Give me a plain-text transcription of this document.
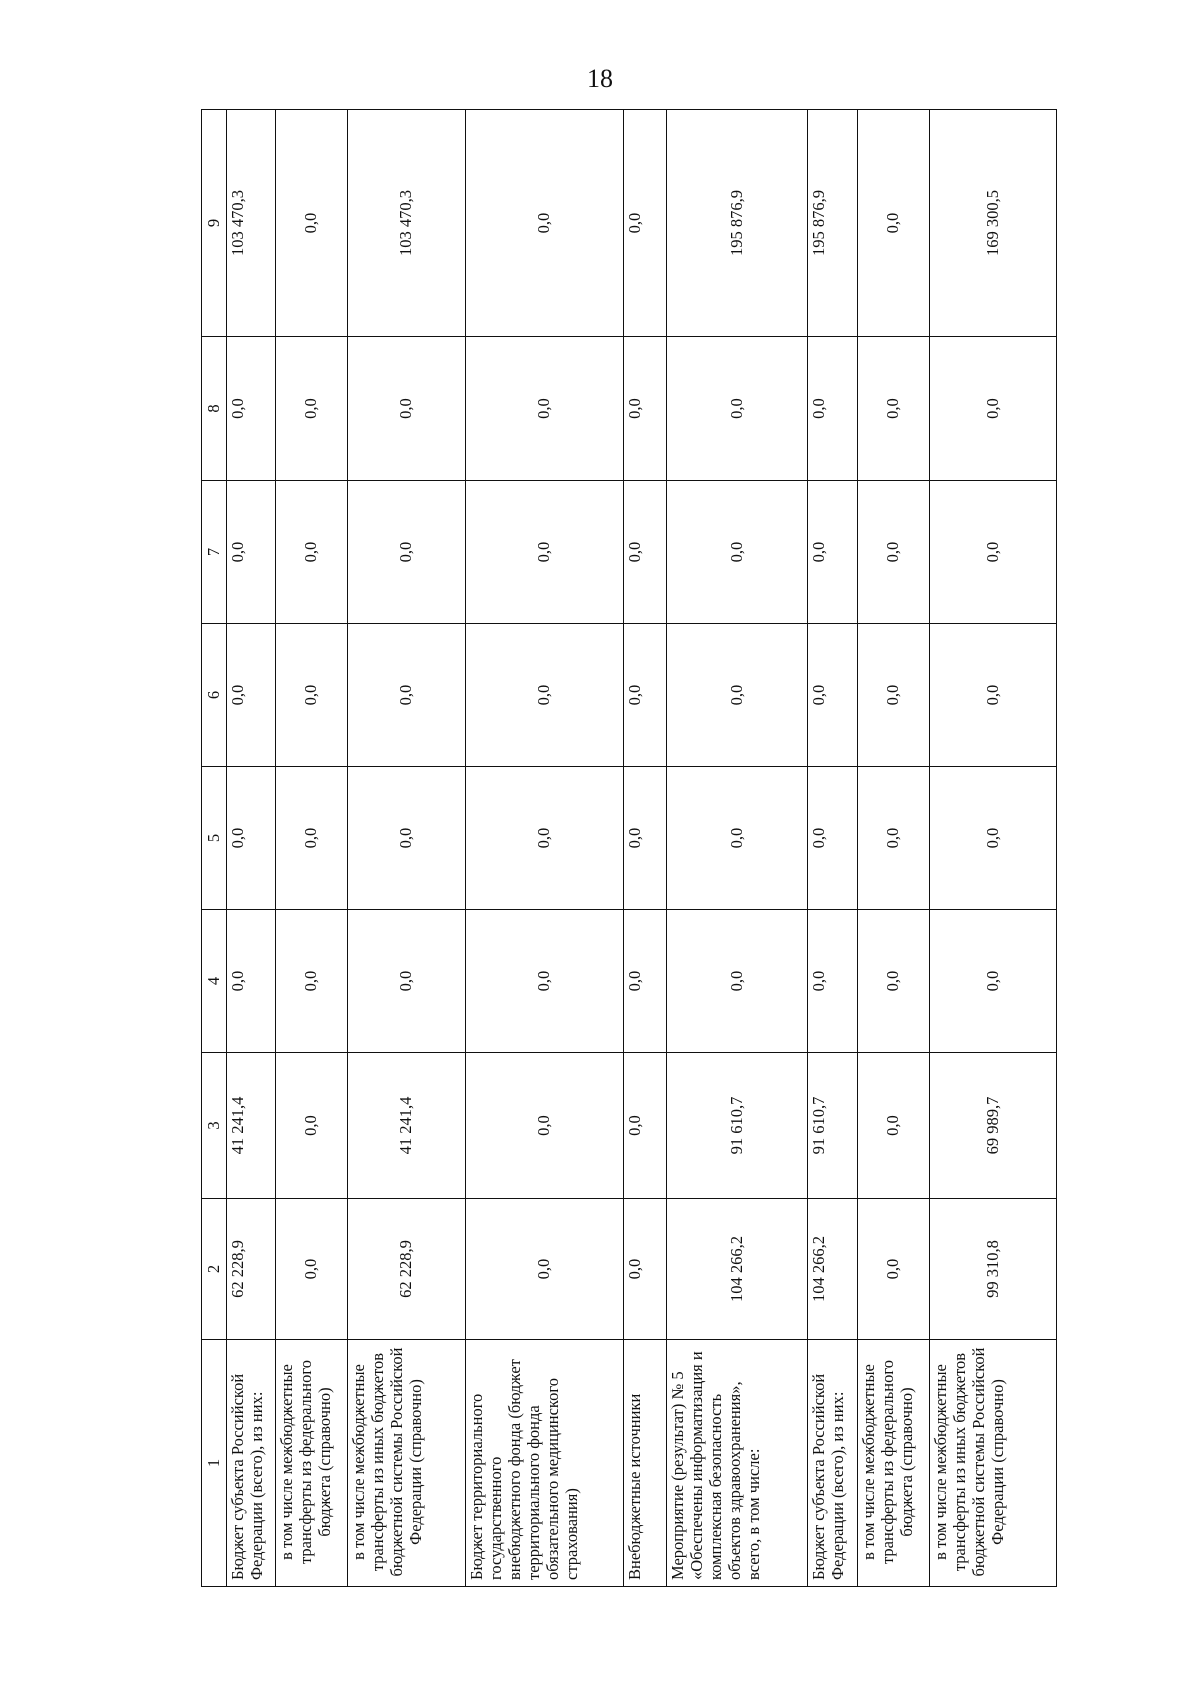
18
1	2	3	4	5	6	7	8	9
Бюджет субъекта Российской Федерации (всего), из них:	62 228,9	41 241,4	0,0	0,0	0,0	0,0	0,0	103 470,3
в том числе межбюджетные трансферты из федерального бюджета (справочно)	0,0	0,0	0,0	0,0	0,0	0,0	0,0	0,0
в том числе межбюджетные трансферты из иных бюджетов бюджетной системы Российской Федерации (справочно)	62 228,9	41 241,4	0,0	0,0	0,0	0,0	0,0	103 470,3
Бюджет территориального государственного внебюджетного фонда (бюджет территориального фонда обязательного медицинского страхования)	0,0	0,0	0,0	0,0	0,0	0,0	0,0	0,0
Внебюджетные источники	0,0	0,0	0,0	0,0	0,0	0,0	0,0	0,0
Мероприятие (результат) № 5 «Обеспечены информатизация и комплексная безопасность объектов здравоохранения», всего, в том числе:	104 266,2	91 610,7	0,0	0,0	0,0	0,0	0,0	195 876,9
Бюджет субъекта Российской Федерации (всего), из них:	104 266,2	91 610,7	0,0	0,0	0,0	0,0	0,0	195 876,9
в том числе межбюджетные трансферты из федерального бюджета (справочно)	0,0	0,0	0,0	0,0	0,0	0,0	0,0	0,0
в том числе межбюджетные трансферты из иных бюджетов бюджетной системы Российской Федерации (справочно)	99 310,8	69 989,7	0,0	0,0	0,0	0,0	0,0	169 300,5
